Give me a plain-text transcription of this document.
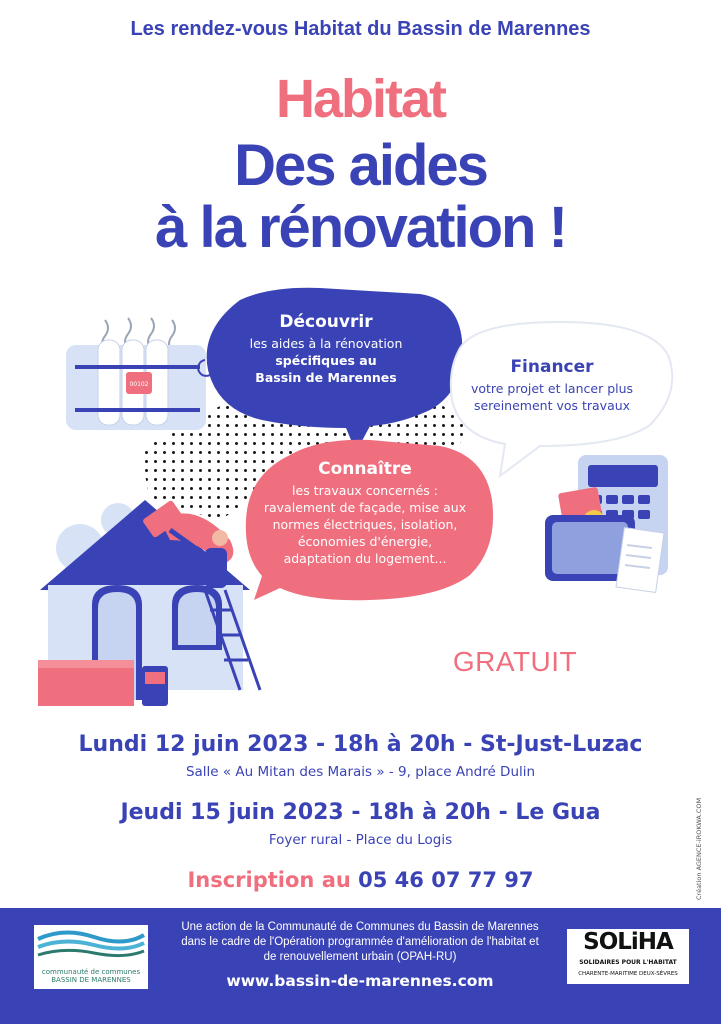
Les rendez-vous Habitat du Bassin de Marennes
Habitat
Des aides
à la rénovation !
00102
Découvrir
les aides à la rénovation
spécifiques au
Bassin de Marennes
Financer
votre projet et lancer plus
sereinement vos travaux
Connaître
les travaux concernés :
ravalement de façade, mise aux
normes électriques, isolation,
économies d'énergie,
adaptation du logement...
GRATUIT
Lundi 12 juin 2023 - 18h à 20h - St-Just-Luzac
Salle « Au Mitan des Marais » - 9, place André Dulin
Jeudi 15 juin 2023 - 18h à 20h - Le Gua
Foyer rural - Place du Logis
Inscription au 05 46 07 77 97	Création AGENCE-iROKWA.COM
communauté de communes
BASSIN DE MARENNES
Une action de la Communauté de Communes du Bassin de Marennes
dans le cadre de l'Opération programmée d'amélioration de l'habitat et
de renouvellement urbain (OPAH-RU)
www.bassin-de-marennes.com
SOLiHA
SOLIDAIRES POUR L'HABITAT
CHARENTE-MARITIME DEUX-SÈVRES
